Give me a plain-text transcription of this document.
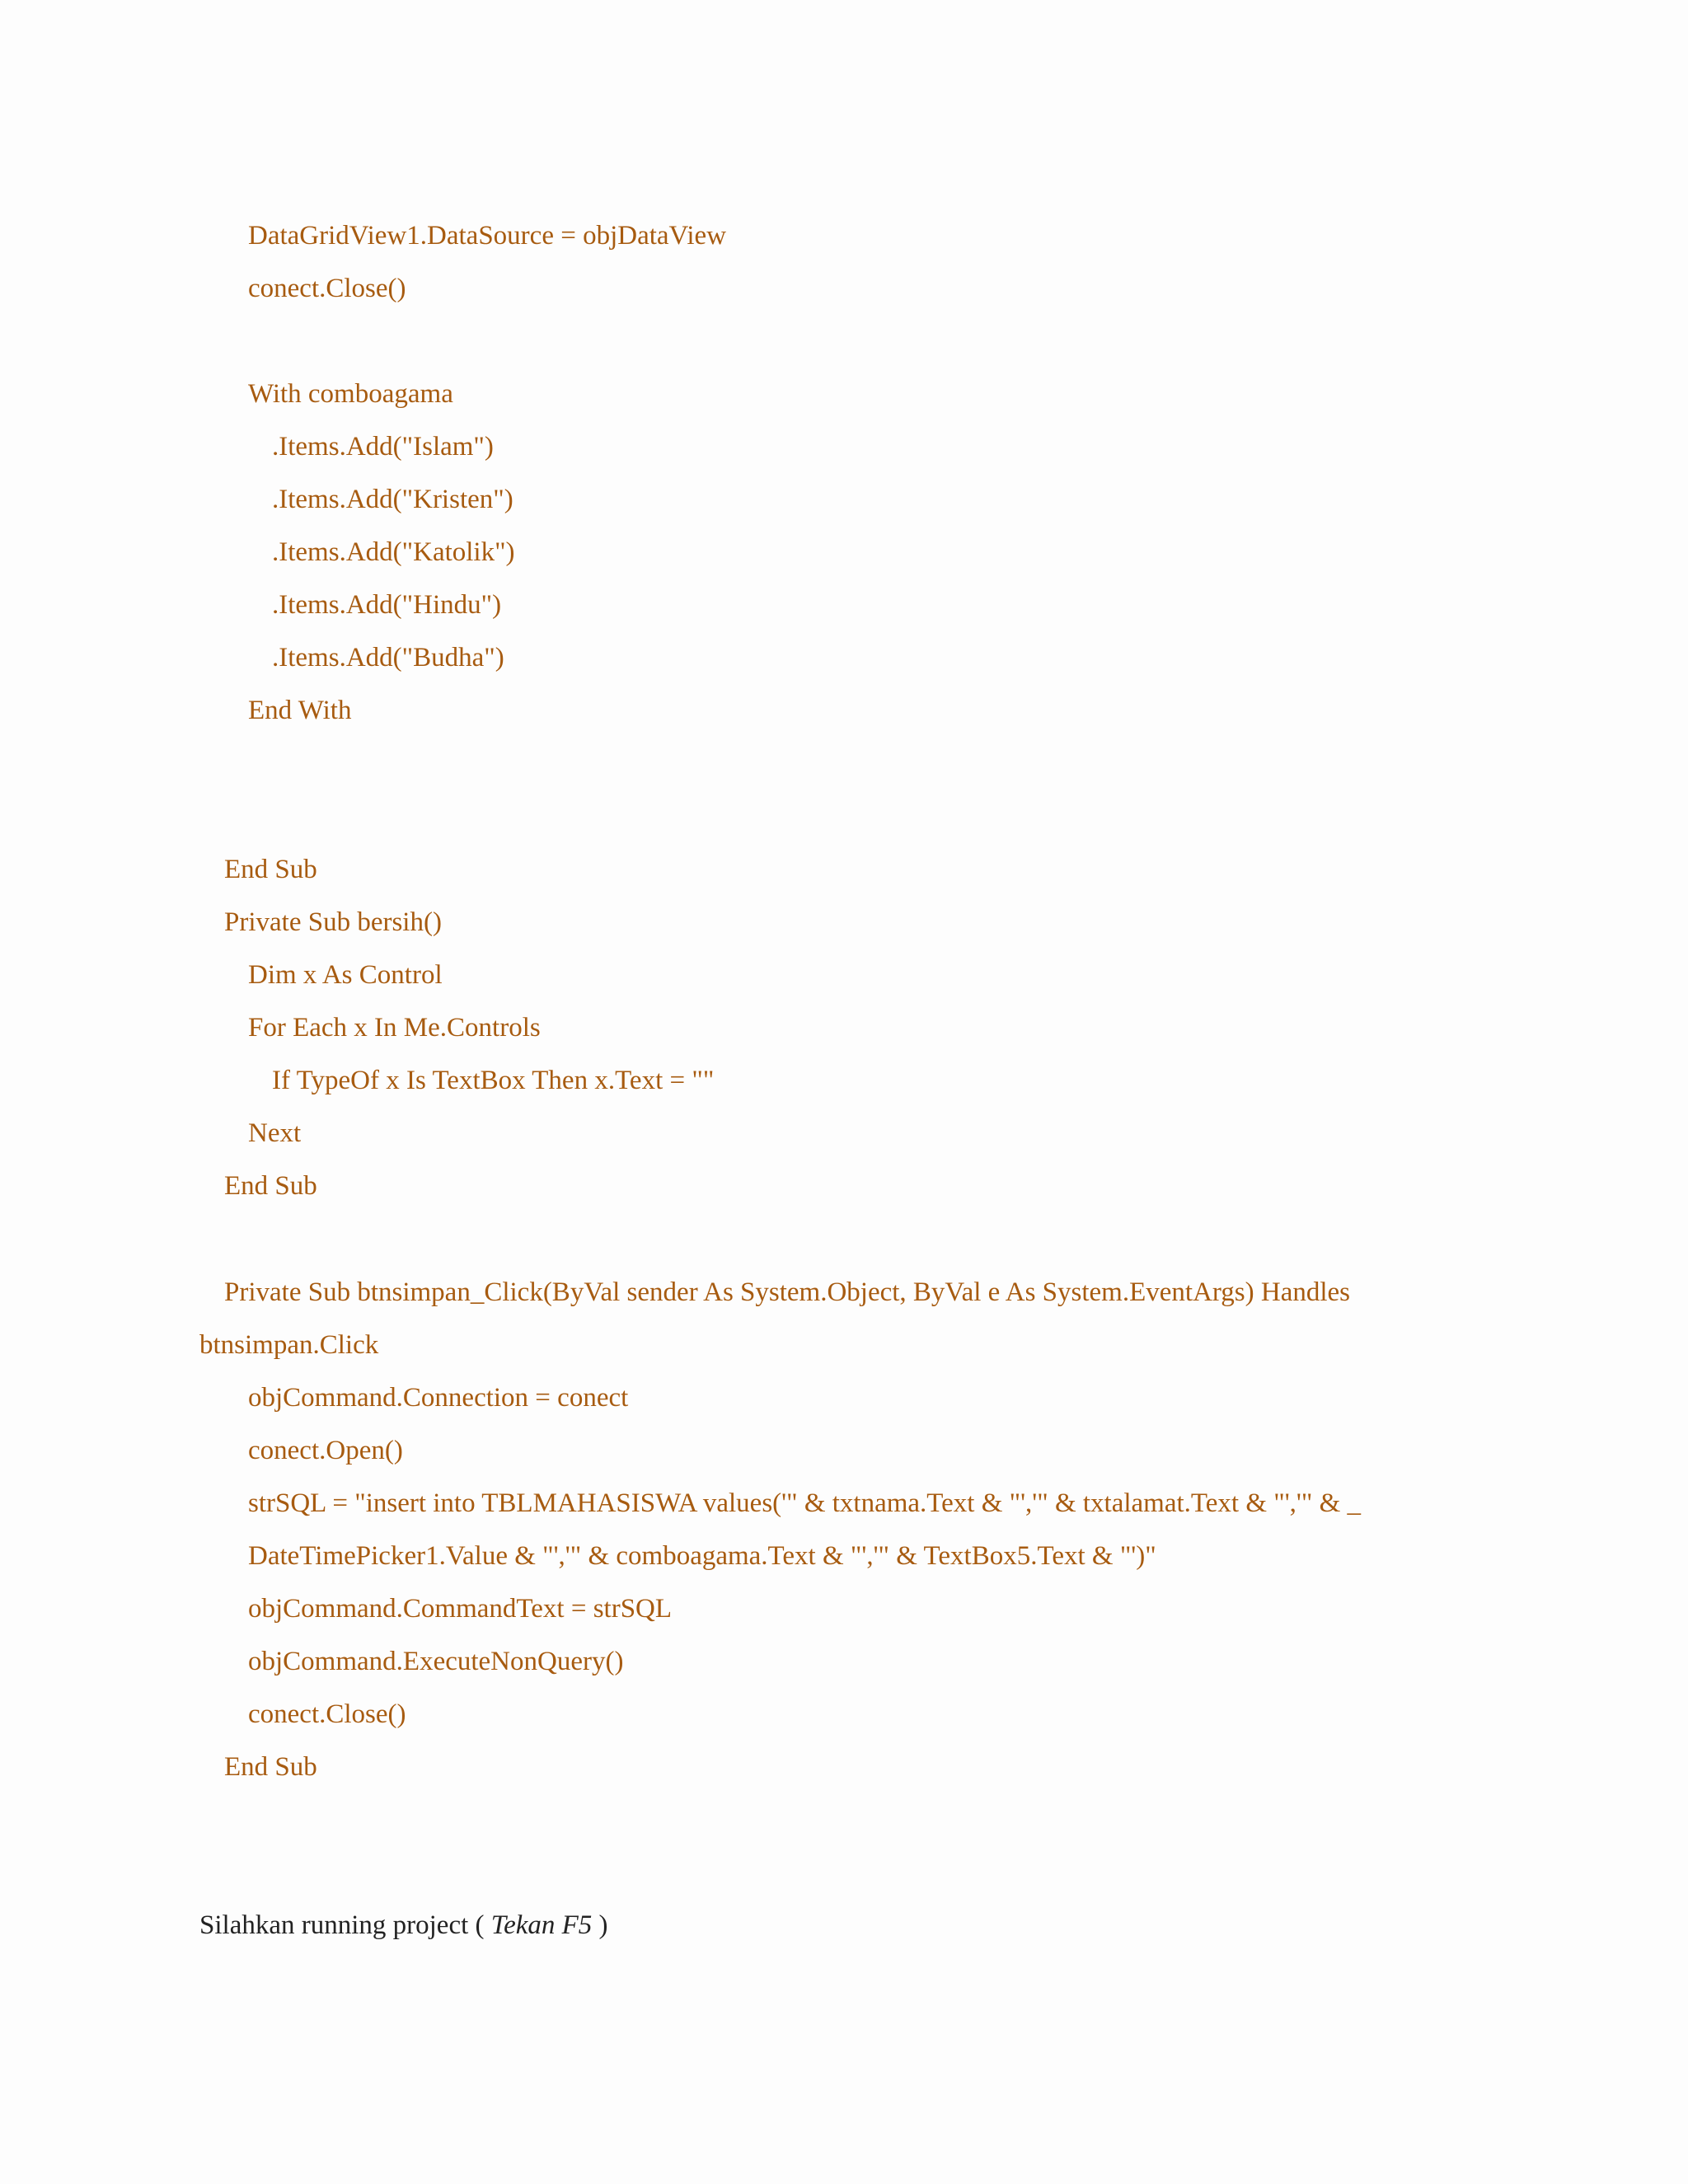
DataGridView1.DataSource = objDataView
conect.Close()
With comboagama
.Items.Add("Islam")
.Items.Add("Kristen")
.Items.Add("Katolik")
.Items.Add("Hindu")
.Items.Add("Budha")
End With
End Sub
Private Sub bersih()
Dim x As Control
For Each x In Me.Controls
If TypeOf x Is TextBox Then x.Text = ""
Next
End Sub
Private Sub btnsimpan_Click(ByVal sender As System.Object, ByVal e As System.EventArgs) Handles
btnsimpan.Click
objCommand.Connection = conect
conect.Open()
strSQL = "insert into TBLMAHASISWA values('" & txtnama.Text & "','" & txtalamat.Text & "','" & _
DateTimePicker1.Value & "','" & comboagama.Text & "','" & TextBox5.Text & "')"
objCommand.CommandText = strSQL
objCommand.ExecuteNonQuery()
conect.Close()
End Sub
Silahkan running project ( Tekan F5 )
